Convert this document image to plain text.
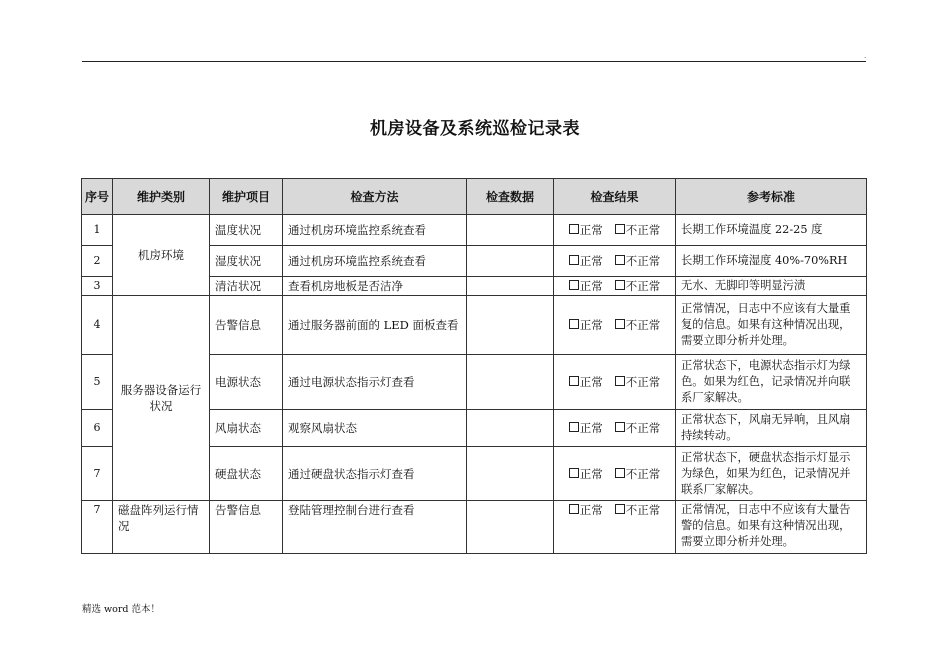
.
机房设备及系统巡检记录表
序号	维护类别	维护项目	检查方法	检查数据	检查结果	参考标准
1	机房环境	温度状况	通过机房环境监控系统查看		正常 不正常	长期工作环境温度 22-25 度
2		湿度状况	通过机房环境监控系统查看		正常 不正常	长期工作环境湿度 40%-70%RH
3		清洁状况	查看机房地板是否洁净		正常 不正常	无水、无脚印等明显污渍
4	服务器设备运行状况	告警信息	通过服务器前面的 LED 面板查看		正常 不正常	正常情况，日志中不应该有大量重复的信息。如果有这种情况出现，需要立即分析并处理。
5		电源状态	通过电源状态指示灯查看		正常 不正常	正常状态下，电源状态指示灯为绿色。如果为红色，记录情况并向联系厂家解决。
6		风扇状态	观察风扇状态		正常 不正常	正常状态下，风扇无异响，且风扇持续转动。
7		硬盘状态	通过硬盘状态指示灯查看		正常 不正常	正常状态下，硬盘状态指示灯显示为绿色，如果为红色，记录情况并联系厂家解决。
7	磁盘阵列运行情况	告警信息	登陆管理控制台进行查看		正常 不正常	正常情况，日志中不应该有大量告警的信息。如果有这种情况出现，需要立即分析并处理。
精选 word 范本！
